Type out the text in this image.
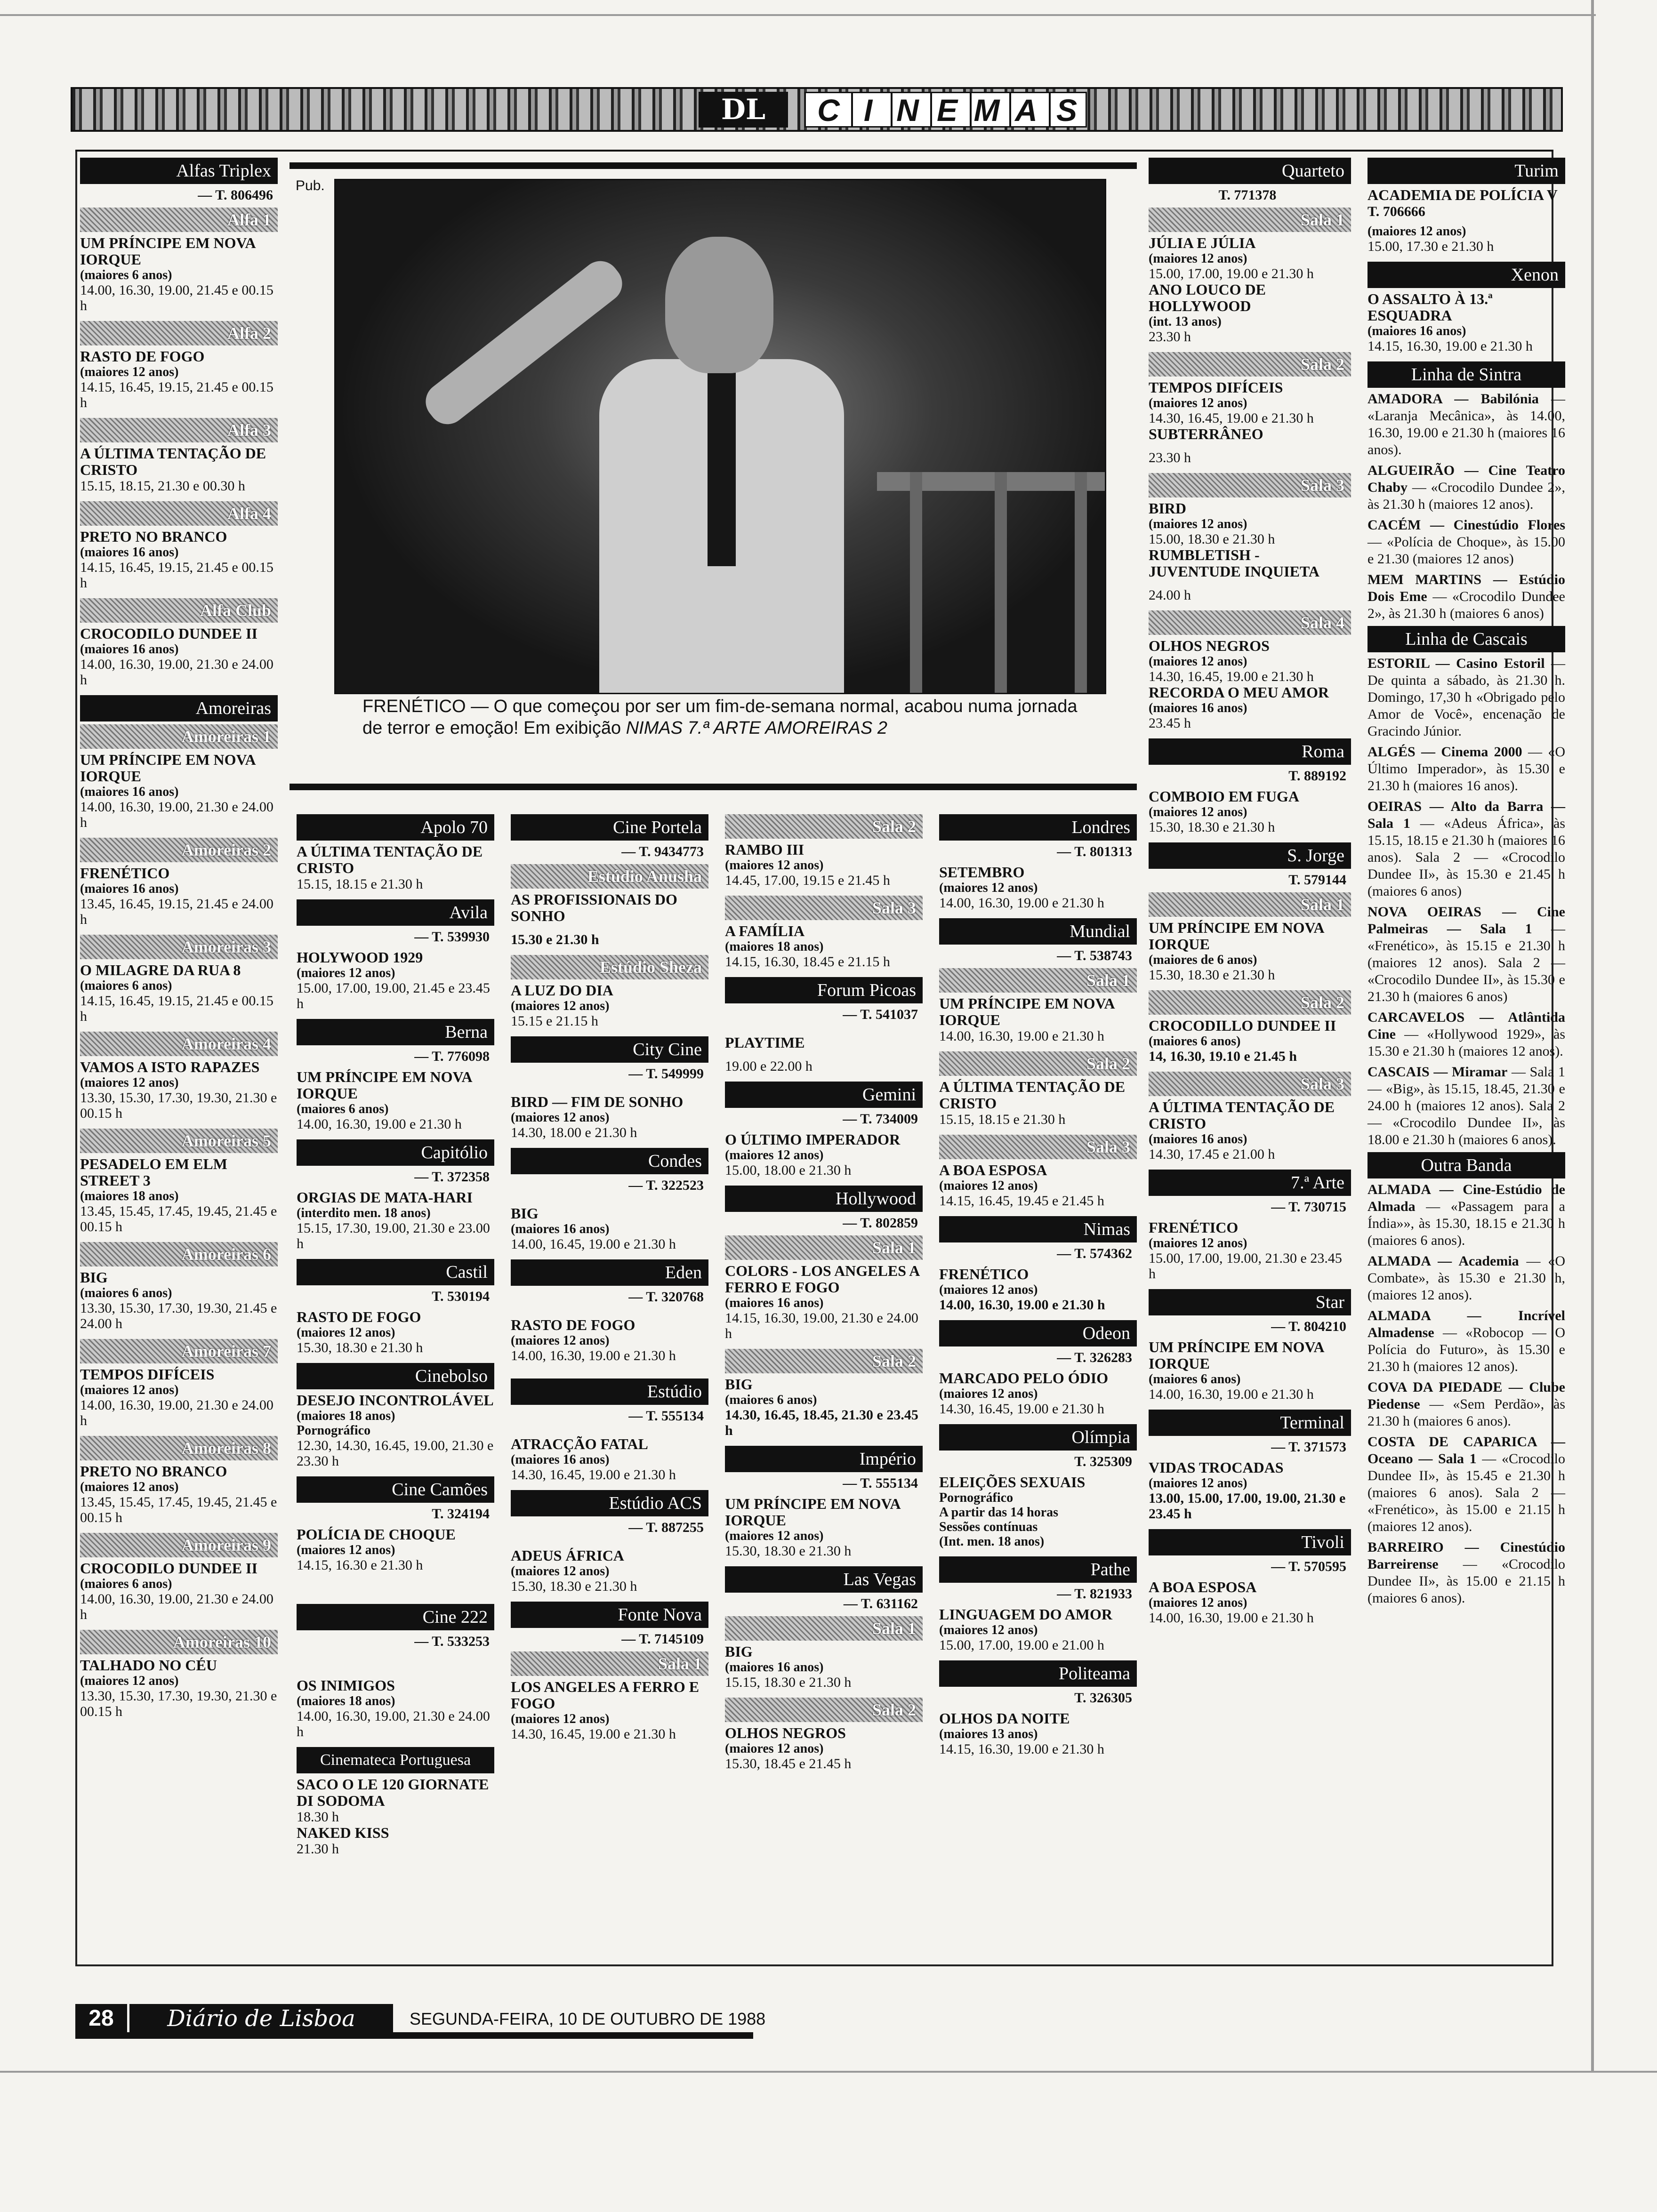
DL	C I N E M A S
Pub.
FRENÉTICO — O que começou por ser um fim-de-semana normal, acabou numa jornada de terror e emoção! Em exibição NIMAS 7.ª ARTE AMOREIRAS 2
Alfas Triplex
— T. 806496
Alfa 1
UM PRÍNCIPE EM NOVA IORQUE
(maiores 6 anos)
14.00, 16.30, 19.00, 21.45 e 00.15 h
Alfa 2
RASTO DE FOGO
(maiores 12 anos)
14.15, 16.45, 19.15, 21.45 e 00.15 h
Alfa 3
A ÚLTIMA TENTAÇÃO DE CRISTO
15.15, 18.15, 21.30 e 00.30 h
Alfa 4
PRETO NO BRANCO
(maiores 16 anos)
14.15, 16.45, 19.15, 21.45 e 00.15 h
Alfa Club
CROCODILO DUNDEE II
(maiores 16 anos)
14.00, 16.30, 19.00, 21.30 e 24.00 h
Amoreiras
Amoreiras 1
UM PRÍNCIPE EM NOVA IORQUE
(maiores 16 anos)
14.00, 16.30, 19.00, 21.30 e 24.00 h
Amoreiras 2
FRENÉTICO
(maiores 16 anos)
13.45, 16.45, 19.15, 21.45 e 24.00 h
Amoreiras 3
O MILAGRE DA RUA 8
(maiores 6 anos)
14.15, 16.45, 19.15, 21.45 e 00.15 h
Amoreiras 4
VAMOS A ISTO RAPAZES
(maiores 12 anos)
13.30, 15.30, 17.30, 19.30, 21.30 e 00.15 h
Amoreiras 5
PESADELO EM ELM STREET 3
(maiores 18 anos)
13.45, 15.45, 17.45, 19.45, 21.45 e 00.15 h
Amoreiras 6
BIG
(maiores 6 anos)
13.30, 15.30, 17.30, 19.30, 21.45 e 24.00 h
Amoreiras 7
TEMPOS DIFÍCEIS
(maiores 12 anos)
14.00, 16.30, 19.00, 21.30 e 24.00 h
Amoreiras 8
PRETO NO BRANCO
(maiores 12 anos)
13.45, 15.45, 17.45, 19.45, 21.45 e 00.15 h
Amoreiras 9
CROCODILO DUNDEE II
(maiores 6 anos)
14.00, 16.30, 19.00, 21.30 e 24.00 h
Amoreiras 10
TALHADO NO CÉU
(maiores 12 anos)
13.30, 15.30, 17.30, 19.30, 21.30 e 00.15 h
Apolo 70
A ÚLTIMA TENTAÇÃO DE CRISTO
15.15, 18.15 e 21.30 h
Avila
— T. 539930
HOLYWOOD 1929
(maiores 12 anos)
15.00, 17.00, 19.00, 21.45 e 23.45 h
Berna
— T. 776098
UM PRÍNCIPE EM NOVA IORQUE
(maiores 6 anos)
14.00, 16.30, 19.00 e 21.30 h
Capitólio
— T. 372358
ORGIAS DE MATA-HARI
(interdito men. 18 anos)
15.15, 17.30, 19.00, 21.30 e 23.00 h
Castil
T. 530194
RASTO DE FOGO
(maiores 12 anos)
15.30, 18.30 e 21.30 h
Cinebolso
DESEJO INCONTROLÁVEL
(maiores 18 anos)
Pornográfico
12.30, 14.30, 16.45, 19.00, 21.30 e 23.30 h
Cine Camões
T. 324194
POLÍCIA DE CHOQUE
(maiores 12 anos)
14.15, 16.30 e 21.30 h
Cine 222
— T. 533253
OS INIMIGOS
(maiores 18 anos)
14.00, 16.30, 19.00, 21.30 e 24.00 h
Cinemateca Portuguesa
SACO O LE 120 GIORNATE DI SODOMA
18.30 h
NAKED KISS
21.30 h
Cine Portela
— T. 9434773
Estúdio Anusha
AS PROFISSIONAIS DO SONHO
15.30 e 21.30 h
Estúdio Sheza
A LUZ DO DIA
(maiores 12 anos)
15.15 e 21.15 h
City Cine
— T. 549999
BIRD — FIM DE SONHO
(maiores 12 anos)
14.30, 18.00 e 21.30 h
Condes
— T. 322523
BIG
(maiores 16 anos)
14.00, 16.45, 19.00 e 21.30 h
Eden
— T. 320768
RASTO DE FOGO
(maiores 12 anos)
14.00, 16.30, 19.00 e 21.30 h
Estúdio
— T. 555134
ATRACÇÃO FATAL
(maiores 16 anos)
14.30, 16.45, 19.00 e 21.30 h
Estúdio ACS
— T. 887255
ADEUS ÁFRICA
(maiores 12 anos)
15.30, 18.30 e 21.30 h
Fonte Nova
— T. 7145109
Sala 1
LOS ANGELES A FERRO E FOGO
(maiores 12 anos)
14.30, 16.45, 19.00 e 21.30 h
Sala 2
RAMBO III
(maiores 12 anos)
14.45, 17.00, 19.15 e 21.45 h
Sala 3
A FAMÍLIA
(maiores 18 anos)
14.15, 16.30, 18.45 e 21.15 h
Forum Picoas
— T. 541037
PLAYTIME
19.00 e 22.00 h
Gemini
— T. 734009
O ÚLTIMO IMPERADOR
(maiores 12 anos)
15.00, 18.00 e 21.30 h
Hollywood
— T. 802859
Sala 1
COLORS - LOS ANGELES A FERRO E FOGO
(maiores 16 anos)
14.15, 16.30, 19.00, 21.30 e 24.00 h
Sala 2
BIG
(maiores 6 anos)
14.30, 16.45, 18.45, 21.30 e 23.45 h
Império
— T. 555134
UM PRÍNCIPE EM NOVA IORQUE
(maiores 12 anos)
15.30, 18.30 e 21.30 h
Las Vegas
— T. 631162
Sala 1
BIG
(maiores 16 anos)
15.15, 18.30 e 21.30 h
Sala 2
OLHOS NEGROS
(maiores 12 anos)
15.30, 18.45 e 21.45 h
Londres
— T. 801313
SETEMBRO
(maiores 12 anos)
14.00, 16.30, 19.00 e 21.30 h
Mundial
— T. 538743
Sala 1
UM PRÍNCIPE EM NOVA IORQUE
14.00, 16.30, 19.00 e 21.30 h
Sala 2
A ÚLTIMA TENTAÇÃO DE CRISTO
15.15, 18.15 e 21.30 h
Sala 3
A BOA ESPOSA
(maiores 12 anos)
14.15, 16.45, 19.45 e 21.45 h
Nimas
— T. 574362
FRENÉTICO
(maiores 12 anos)
14.00, 16.30, 19.00 e 21.30 h
Odeon
— T. 326283
MARCADO PELO ÓDIO
(maiores 12 anos)
14.30, 16.45, 19.00 e 21.30 h
Olímpia
T. 325309
ELEIÇÕES SEXUAIS
Pornográfico
A partir das 14 horas
Sessões contínuas
(Int. men. 18 anos)
Pathe
— T. 821933
LINGUAGEM DO AMOR
(maiores 12 anos)
15.00, 17.00, 19.00 e 21.00 h
Politeama
T. 326305
OLHOS DA NOITE
(maiores 13 anos)
14.15, 16.30, 19.00 e 21.30 h
Quarteto
T. 771378
Sala 1
JÚLIA E JÚLIA
(maiores 12 anos)
15.00, 17.00, 19.00 e 21.30 h
ANO LOUCO DE HOLLYWOOD
(int. 13 anos)
23.30 h
Sala 2
TEMPOS DIFÍCEIS
(maiores 12 anos)
14.30, 16.45, 19.00 e 21.30 h
SUBTERRÂNEO
23.30 h
Sala 3
BIRD
(maiores 12 anos)
15.00, 18.30 e 21.30 h
RUMBLETISH - JUVENTUDE INQUIETA
24.00 h
Sala 4
OLHOS NEGROS
(maiores 12 anos)
14.30, 16.45, 19.00 e 21.30 h
RECORDA O MEU AMOR
(maiores 16 anos)
23.45 h
Roma
T. 889192
COMBOIO EM FUGA
(maiores 12 anos)
15.30, 18.30 e 21.30 h
S. Jorge
T. 579144
Sala 1
UM PRÍNCIPE EM NOVA IORQUE
(maiores de 6 anos)
15.30, 18.30 e 21.30 h
Sala 2
CROCODILLO DUNDEE II
(maiores 6 anos)
14, 16.30, 19.10 e 21.45 h
Sala 3
A ÚLTIMA TENTAÇÃO DE CRISTO
(maiores 16 anos)
14.30, 17.45 e 21.00 h
7.ª Arte
— T. 730715
FRENÉTICO
(maiores 12 anos)
15.00, 17.00, 19.00, 21.30 e 23.45 h
Star
— T. 804210
UM PRÍNCIPE EM NOVA IORQUE
(maiores 6 anos)
14.00, 16.30, 19.00 e 21.30 h
Terminal
— T. 371573
VIDAS TROCADAS
(maiores 12 anos)
13.00, 15.00, 17.00, 19.00, 21.30 e 23.45 h
Tivoli
— T. 570595
A BOA ESPOSA
(maiores 12 anos)
14.00, 16.30, 19.00 e 21.30 h
Turim
ACADEMIA DE POLÍCIA V
T. 706666
(maiores 12 anos)
15.00, 17.30 e 21.30 h
Xenon
O ASSALTO À 13.ª ESQUADRA
(maiores 16 anos)
14.15, 16.30, 19.00 e 21.30 h
Linha de Sintra

AMADORA — Babilónia — «Laranja Mecânica», às 14.00, 16.30, 19.00 e 21.30 h (maiores 16 anos).

ALGUEIRÃO — Cine Teatro Chaby — «Crocodilo Dundee 2», às 21.30 h (maiores 12 anos).

CACÉM — Cinestúdio Flores — «Polícia de Choque», às 15.00 e 21.30 (maiores 12 anos)

MEM MARTINS — Estúdio Dois Eme — «Crocodilo Dundee 2», às 21.30 h (maiores 6 anos)

Linha de Cascais

ESTORIL — Casino Estoril — De quinta a sábado, às 21.30 h. Domingo, 17,30 h «Obrigado pelo Amor de Você», encenação de Gracindo Júnior.

ALGÉS — Cinema 2000 — «O Último Imperador», às 15.30 e 21.30 h (maiores 16 anos).

OEIRAS — Alto da Barra — Sala 1 — «Adeus África», às 15.15, 18.15 e 21.30 h (maiores 16 anos). Sala 2 — «Crocodilo Dundee II», às 15.30 e 21.45 h (maiores 6 anos)

NOVA OEIRAS — Cine Palmeiras — Sala 1 — «Frenético», às 15.15 e 21.30 h (maiores 12 anos). Sala 2 — «Crocodilo Dundee II», às 15.30 e 21.30 h (maiores 6 anos)

CARCAVELOS — Atlântida Cine — «Hollywood 1929», às 15.30 e 21.30 h (maiores 12 anos).

CASCAIS — Miramar — Sala 1 — «Big», às 15.15, 18.45, 21.30 e 24.00 h (maiores 12 anos). Sala 2 — «Crocodilo Dundee II», às 18.00 e 21.30 h (maiores 6 anos).

Outra Banda

ALMADA — Cine-Estúdio de Almada — «Passagem para a Índia»», às 15.30, 18.15 e 21.30 h (maiores 6 anos).

ALMADA — Academia — «O Combate», às 15.30 e 21.30 h, (maiores 12 anos).

ALMADA — Incrível Almadense — «Robocop — O Polícia do Futuro», às 15.30 e 21.30 h (maiores 12 anos).

COVA DA PIEDADE — Clube Piedense — «Sem Perdão», às 21.30 h (maiores 6 anos).

COSTA DE CAPARICA — Oceano — Sala 1 — «Crocodilo Dundee II», às 15.45 e 21.30 h (maiores 6 anos). Sala 2 — «Frenético», às 15.00 e 21.15 h (maiores 12 anos).

BARREIRO — Cinestúdio Barreirense — «Crocodilo Dundee II», às 15.00 e 21.15 h (maiores 6 anos).

28	Diário de Lisboa	SEGUNDA-FEIRA, 10 DE OUTUBRO DE 1988
